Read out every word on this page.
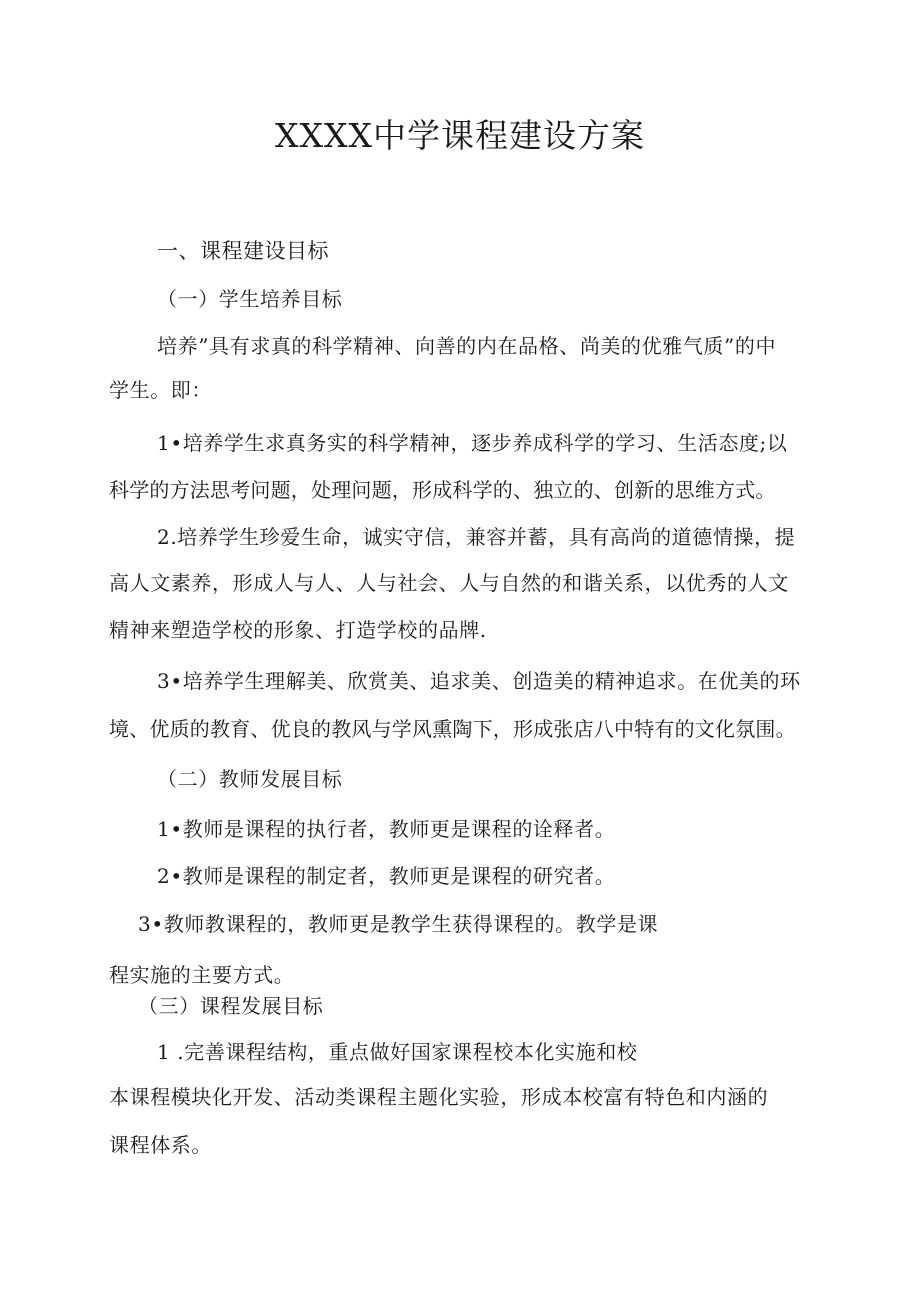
XXXX中学课程建设方案
一、课程建设目标
（一）学生培养目标
培养”具有求真的科学精神、向善的内在品格、尚美的优雅气质”的中
学生。即：
1•培养学生求真务实的科学精神，逐步养成科学的学习、生活态度;以
科学的方法思考问题，处理问题，形成科学的、独立的、创新的思维方式。
2.培养学生珍爱生命，诚实守信，兼容并蓄，具有高尚的道德情操，提
高人文素养，形成人与人、人与社会、人与自然的和谐关系，以优秀的人文
精神来塑造学校的形象、打造学校的品牌.
3•培养学生理解美、欣赏美、追求美、创造美的精神追求。在优美的环
境、优质的教育、优良的教风与学风熏陶下，形成张店八中特有的文化氛围。
（二）教师发展目标
1•教师是课程的执行者，教师更是课程的诠释者。
2•教师是课程的制定者，教师更是课程的研究者。
3•教师教课程的，教师更是教学生获得课程的。教学是课
程实施的主要方式。
（三）课程发展目标
1 .完善课程结构，重点做好国家课程校本化实施和校
本课程模块化开发、活动类课程主题化实验，形成本校富有特色和内涵的
课程体系。
